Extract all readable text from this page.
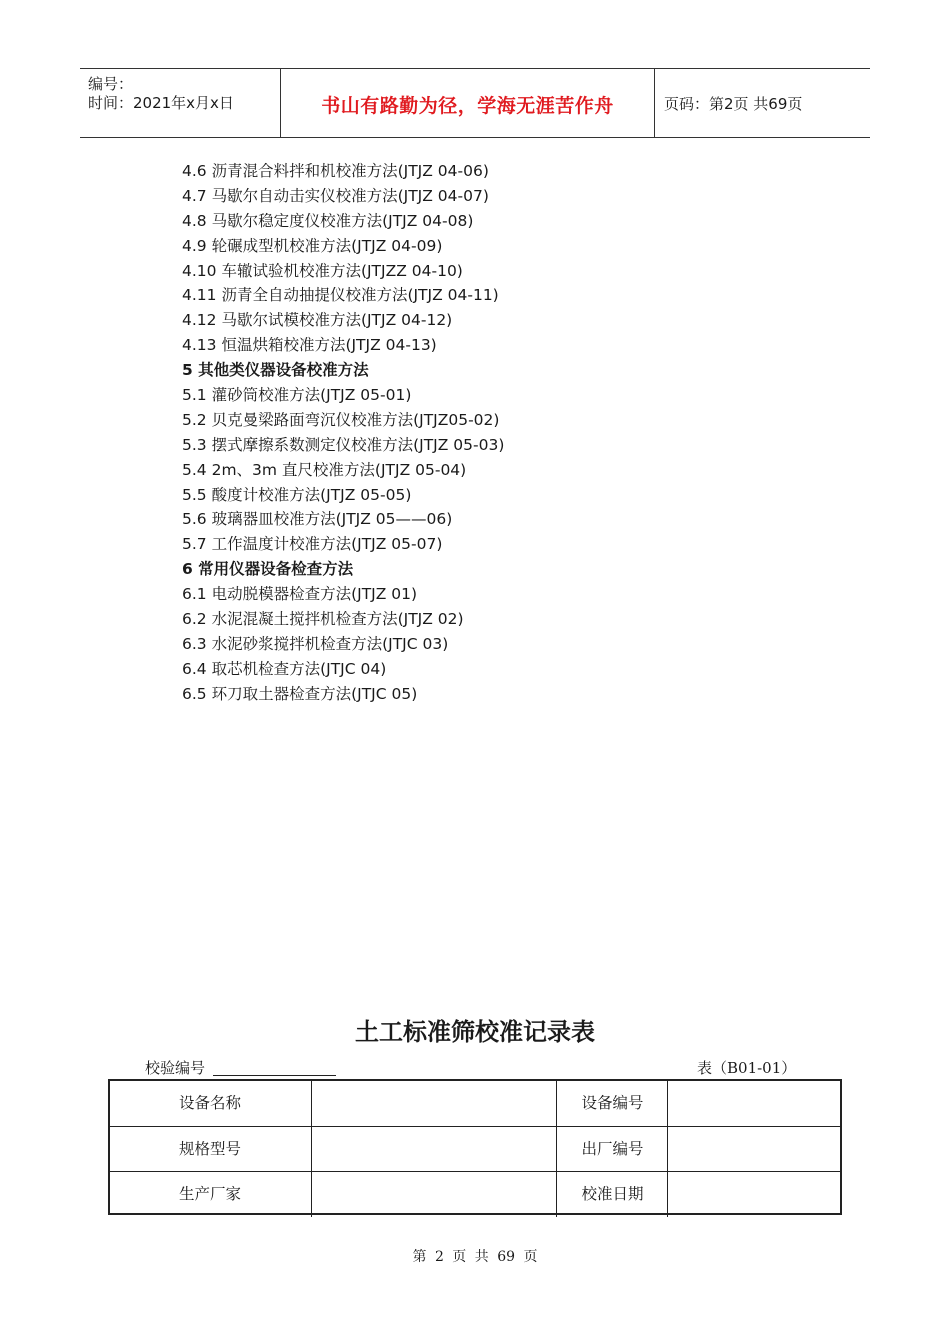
编号：
时间：2021年x月x日	书山有路勤为径，学海无涯苦作舟	页码：第2页 共69页
4.6 沥青混合料拌和机校准方法(JTJZ 04-06)
4.7 马歇尔自动击实仪校准方法(JTJZ 04-07)
4.8 马歇尔稳定度仪校准方法(JTJZ 04-08)
4.9 轮碾成型机校准方法(JTJZ 04-09)
4.10 车辙试验机校准方法(JTJZZ 04-10)
4.11 沥青全自动抽提仪校准方法(JTJZ 04-11)
4.12 马歇尔试模校准方法(JTJZ 04-12)
4.13 恒温烘箱校准方法(JTJZ 04-13)
5 其他类仪器设备校准方法
5.1 灌砂筒校准方法(JTJZ 05-01)
5.2 贝克曼梁路面弯沉仪校准方法(JTJZ05-02)
5.3 摆式摩擦系数测定仪校准方法(JTJZ 05-03)
5.4 2m、3m 直尺校准方法(JTJZ 05-04)
5.5 酸度计校准方法(JTJZ 05-05)
5.6 玻璃器皿校准方法(JTJZ 05——06)
5.7 工作温度计校准方法(JTJZ 05-07)
6 常用仪器设备检查方法
6.1 电动脱模器检查方法(JTJZ 01)
6.2 水泥混凝土搅拌机检查方法(JTJZ 02)
6.3 水泥砂浆搅拌机检查方法(JTJC 03)
6.4 取芯机检查方法(JTJC 04)
6.5 环刀取土器检查方法(JTJC 05)
土工标准筛校准记录表
校验编号	表（B01-01）
设备名称	设备编号
规格型号	出厂编号
生产厂家	校准日期
第 2 页 共 69 页
